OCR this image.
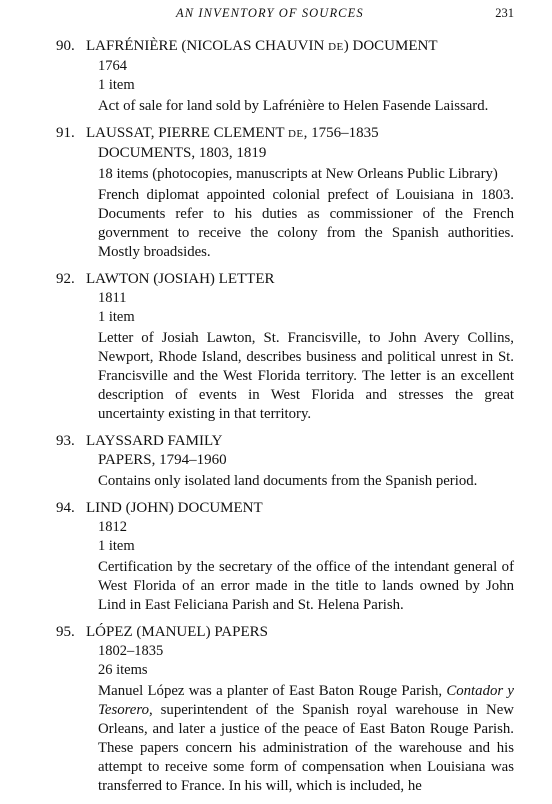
AN INVENTORY OF SOURCES	231
90. LAFRÉNIÈRE (NICOLAS CHAUVIN DE) DOCUMENT
1764
1 item
Act of sale for land sold by Lafrénière to Helen Fasende Laissard.
91. LAUSSAT, PIERRE CLEMENT DE, 1756–1835
DOCUMENTS, 1803, 1819
18 items (photocopies, manuscripts at New Orleans Public Library)
French diplomat appointed colonial prefect of Louisiana in 1803. Documents refer to his duties as commissioner of the French government to receive the colony from the Spanish authorities. Mostly broadsides.
92. LAWTON (JOSIAH) LETTER
1811
1 item
Letter of Josiah Lawton, St. Francisville, to John Avery Collins, Newport, Rhode Island, describes business and political unrest in St. Francisville and the West Florida territory. The letter is an excellent description of events in West Florida and stresses the great uncertainty existing in that territory.
93. LAYSSARD FAMILY
PAPERS, 1794–1960
Contains only isolated land documents from the Spanish period.
94. LIND (JOHN) DOCUMENT
1812
1 item
Certification by the secretary of the office of the intendant general of West Florida of an error made in the title to lands owned by John Lind in East Feliciana Parish and St. Helena Parish.
95. LÓPEZ (MANUEL) PAPERS
1802–1835
26 items
Manuel López was a planter of East Baton Rouge Parish, Contador y Tesorero, superintendent of the Spanish royal warehouse in New Orleans, and later a justice of the peace of East Baton Rouge Parish. These papers concern his administration of the warehouse and his attempt to receive some form of compensation when Louisiana was transferred to France. In his will, which is included, he
